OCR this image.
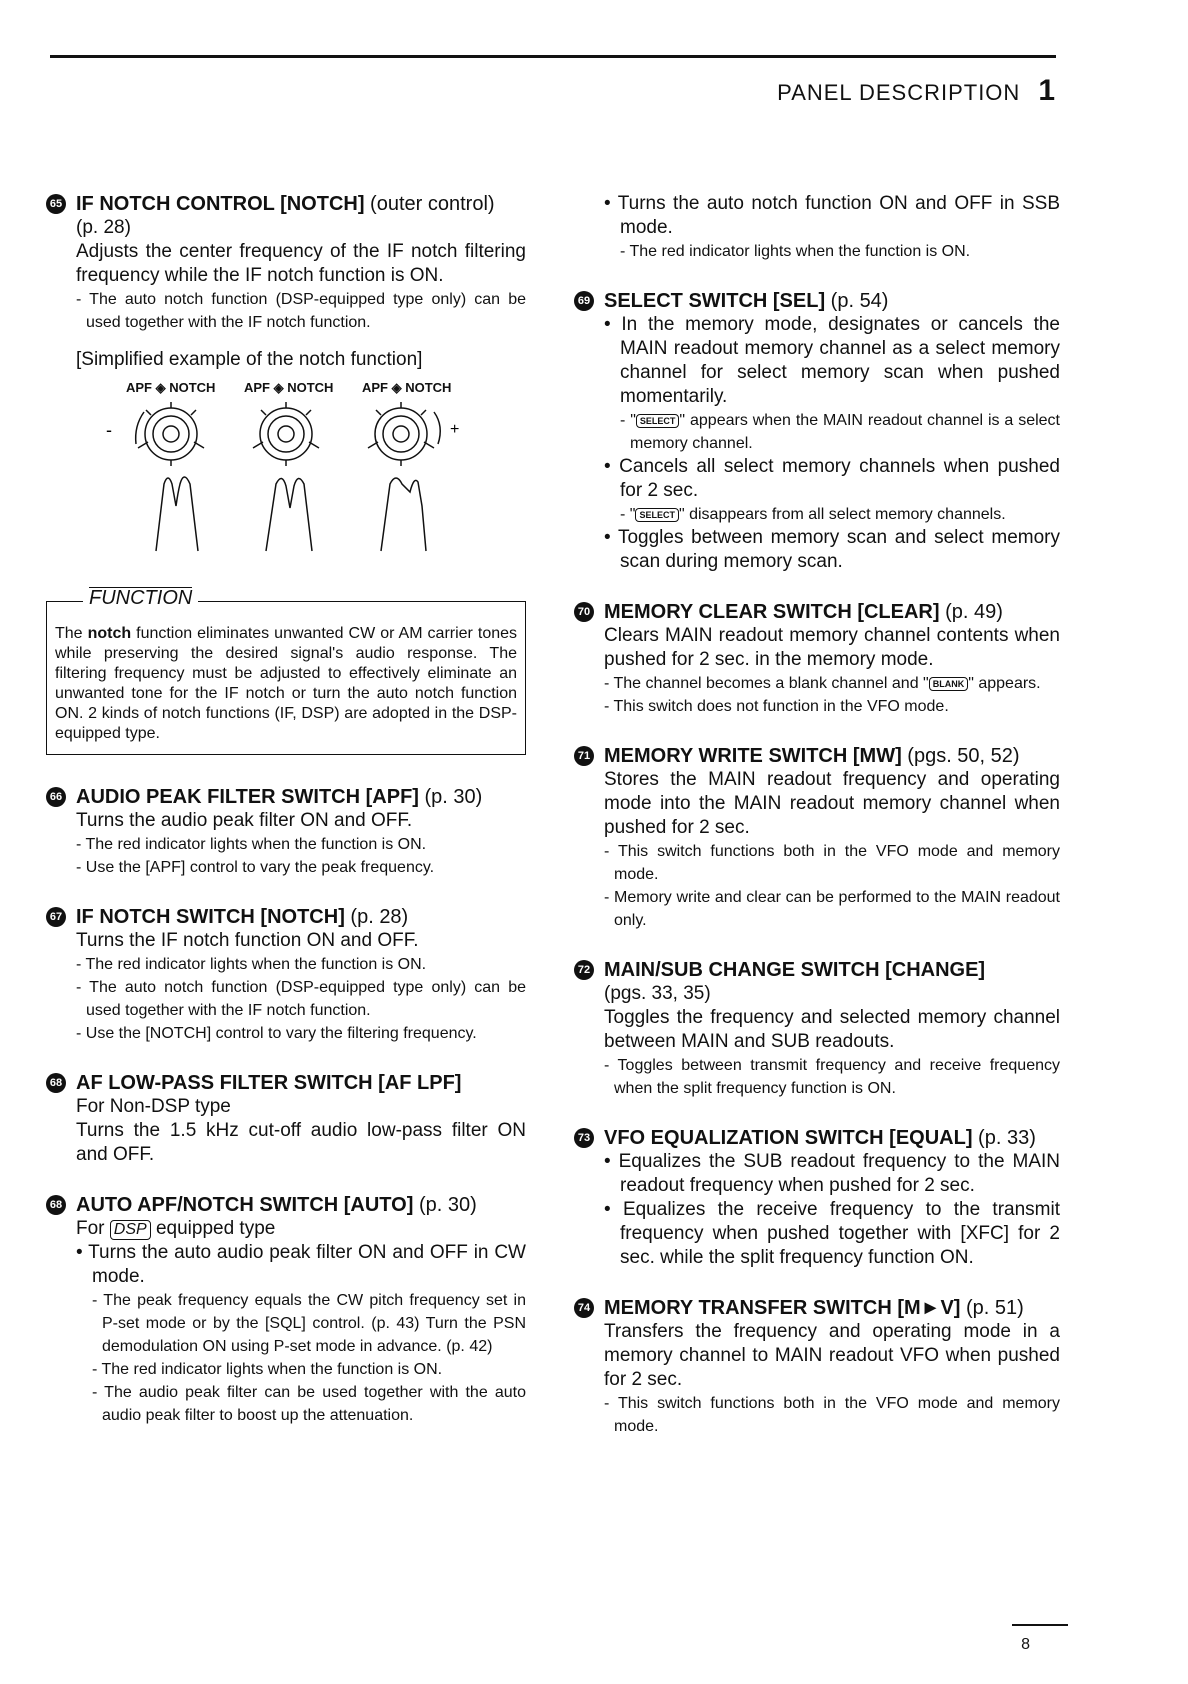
PANEL DESCRIPTION 1
65 IF NOTCH CONTROL [NOTCH] (outer control)
(p. 28)
Adjusts the center frequency of the IF notch filtering frequency while the IF notch function is ON.
- The auto notch function (DSP-equipped type only) can be used together with the IF notch function.
[Simplified example of the notch function]
APF ◈ NOTCH	APF ◈ NOTCH	APF ◈ NOTCH
-	+
FUNCTION
The notch function eliminates unwanted CW or AM carrier tones while preserving the desired signal's audio response. The filtering frequency must be adjusted to effectively eliminate an unwanted tone for the IF notch or turn the auto notch function ON. 2 kinds of notch functions (IF, DSP) are adopted in the DSP-equipped type.
66 AUDIO PEAK FILTER SWITCH [APF] (p. 30)
Turns the audio peak filter ON and OFF.
- The red indicator lights when the function is ON.
- Use the [APF] control to vary the peak frequency.
67 IF NOTCH SWITCH [NOTCH] (p. 28)
Turns the IF notch function ON and OFF.
- The red indicator lights when the function is ON.
- The auto notch function (DSP-equipped type only) can be used together with the IF notch function.
- Use the [NOTCH] control to vary the filtering frequency.
68 AF LOW-PASS FILTER SWITCH [AF LPF]
For Non-DSP type
Turns the 1.5 kHz cut-off audio low-pass filter ON and OFF.
68 AUTO APF/NOTCH SWITCH [AUTO] (p. 30)
For DSP equipped type
• Turns the auto audio peak filter ON and OFF in CW mode.
- The peak frequency equals the CW pitch frequency set in P-set mode or by the [SQL] control. (p. 43) Turn the PSN demodulation ON using P-set mode in advance. (p. 42)
- The red indicator lights when the function is ON.
- The audio peak filter can be used together with the auto audio peak filter to boost up the attenuation.
• Turns the auto notch function ON and OFF in SSB mode.
- The red indicator lights when the function is ON.
69 SELECT SWITCH [SEL] (p. 54)
• In the memory mode, designates or cancels the MAIN readout memory channel as a select memory channel for select memory scan when pushed momentarily.
- " SELECT " appears when the MAIN readout channel is a select memory channel.
• Cancels all select memory channels when pushed for 2 sec.
- " SELECT " disappears from all select memory channels.
• Toggles between memory scan and select memory scan during memory scan.
70 MEMORY CLEAR SWITCH [CLEAR] (p. 49)
Clears MAIN readout memory channel contents when pushed for 2 sec. in the memory mode.
- The channel becomes a blank channel and " BLANK " appears.
- This switch does not function in the VFO mode.
71 MEMORY WRITE SWITCH [MW] (pgs. 50, 52)
Stores the MAIN readout frequency and operating mode into the MAIN readout memory channel when pushed for 2 sec.
- This switch functions both in the VFO mode and memory mode.
- Memory write and clear can be performed to the MAIN readout only.
72 MAIN/SUB CHANGE SWITCH [CHANGE]
(pgs. 33, 35)
Toggles the frequency and selected memory channel between MAIN and SUB readouts.
- Toggles between transmit frequency and receive frequency when the split frequency function is ON.
73 VFO EQUALIZATION SWITCH [EQUAL] (p. 33)
• Equalizes the SUB readout frequency to the MAIN readout frequency when pushed for 2 sec.
• Equalizes the receive frequency to the transmit frequency when pushed together with [XFC] for 2 sec. while the split frequency function ON.
74 MEMORY TRANSFER SWITCH [M►V] (p. 51)
Transfers the frequency and operating mode in a memory channel to MAIN readout VFO when pushed for 2 sec.
- This switch functions both in the VFO mode and memory mode.
8
